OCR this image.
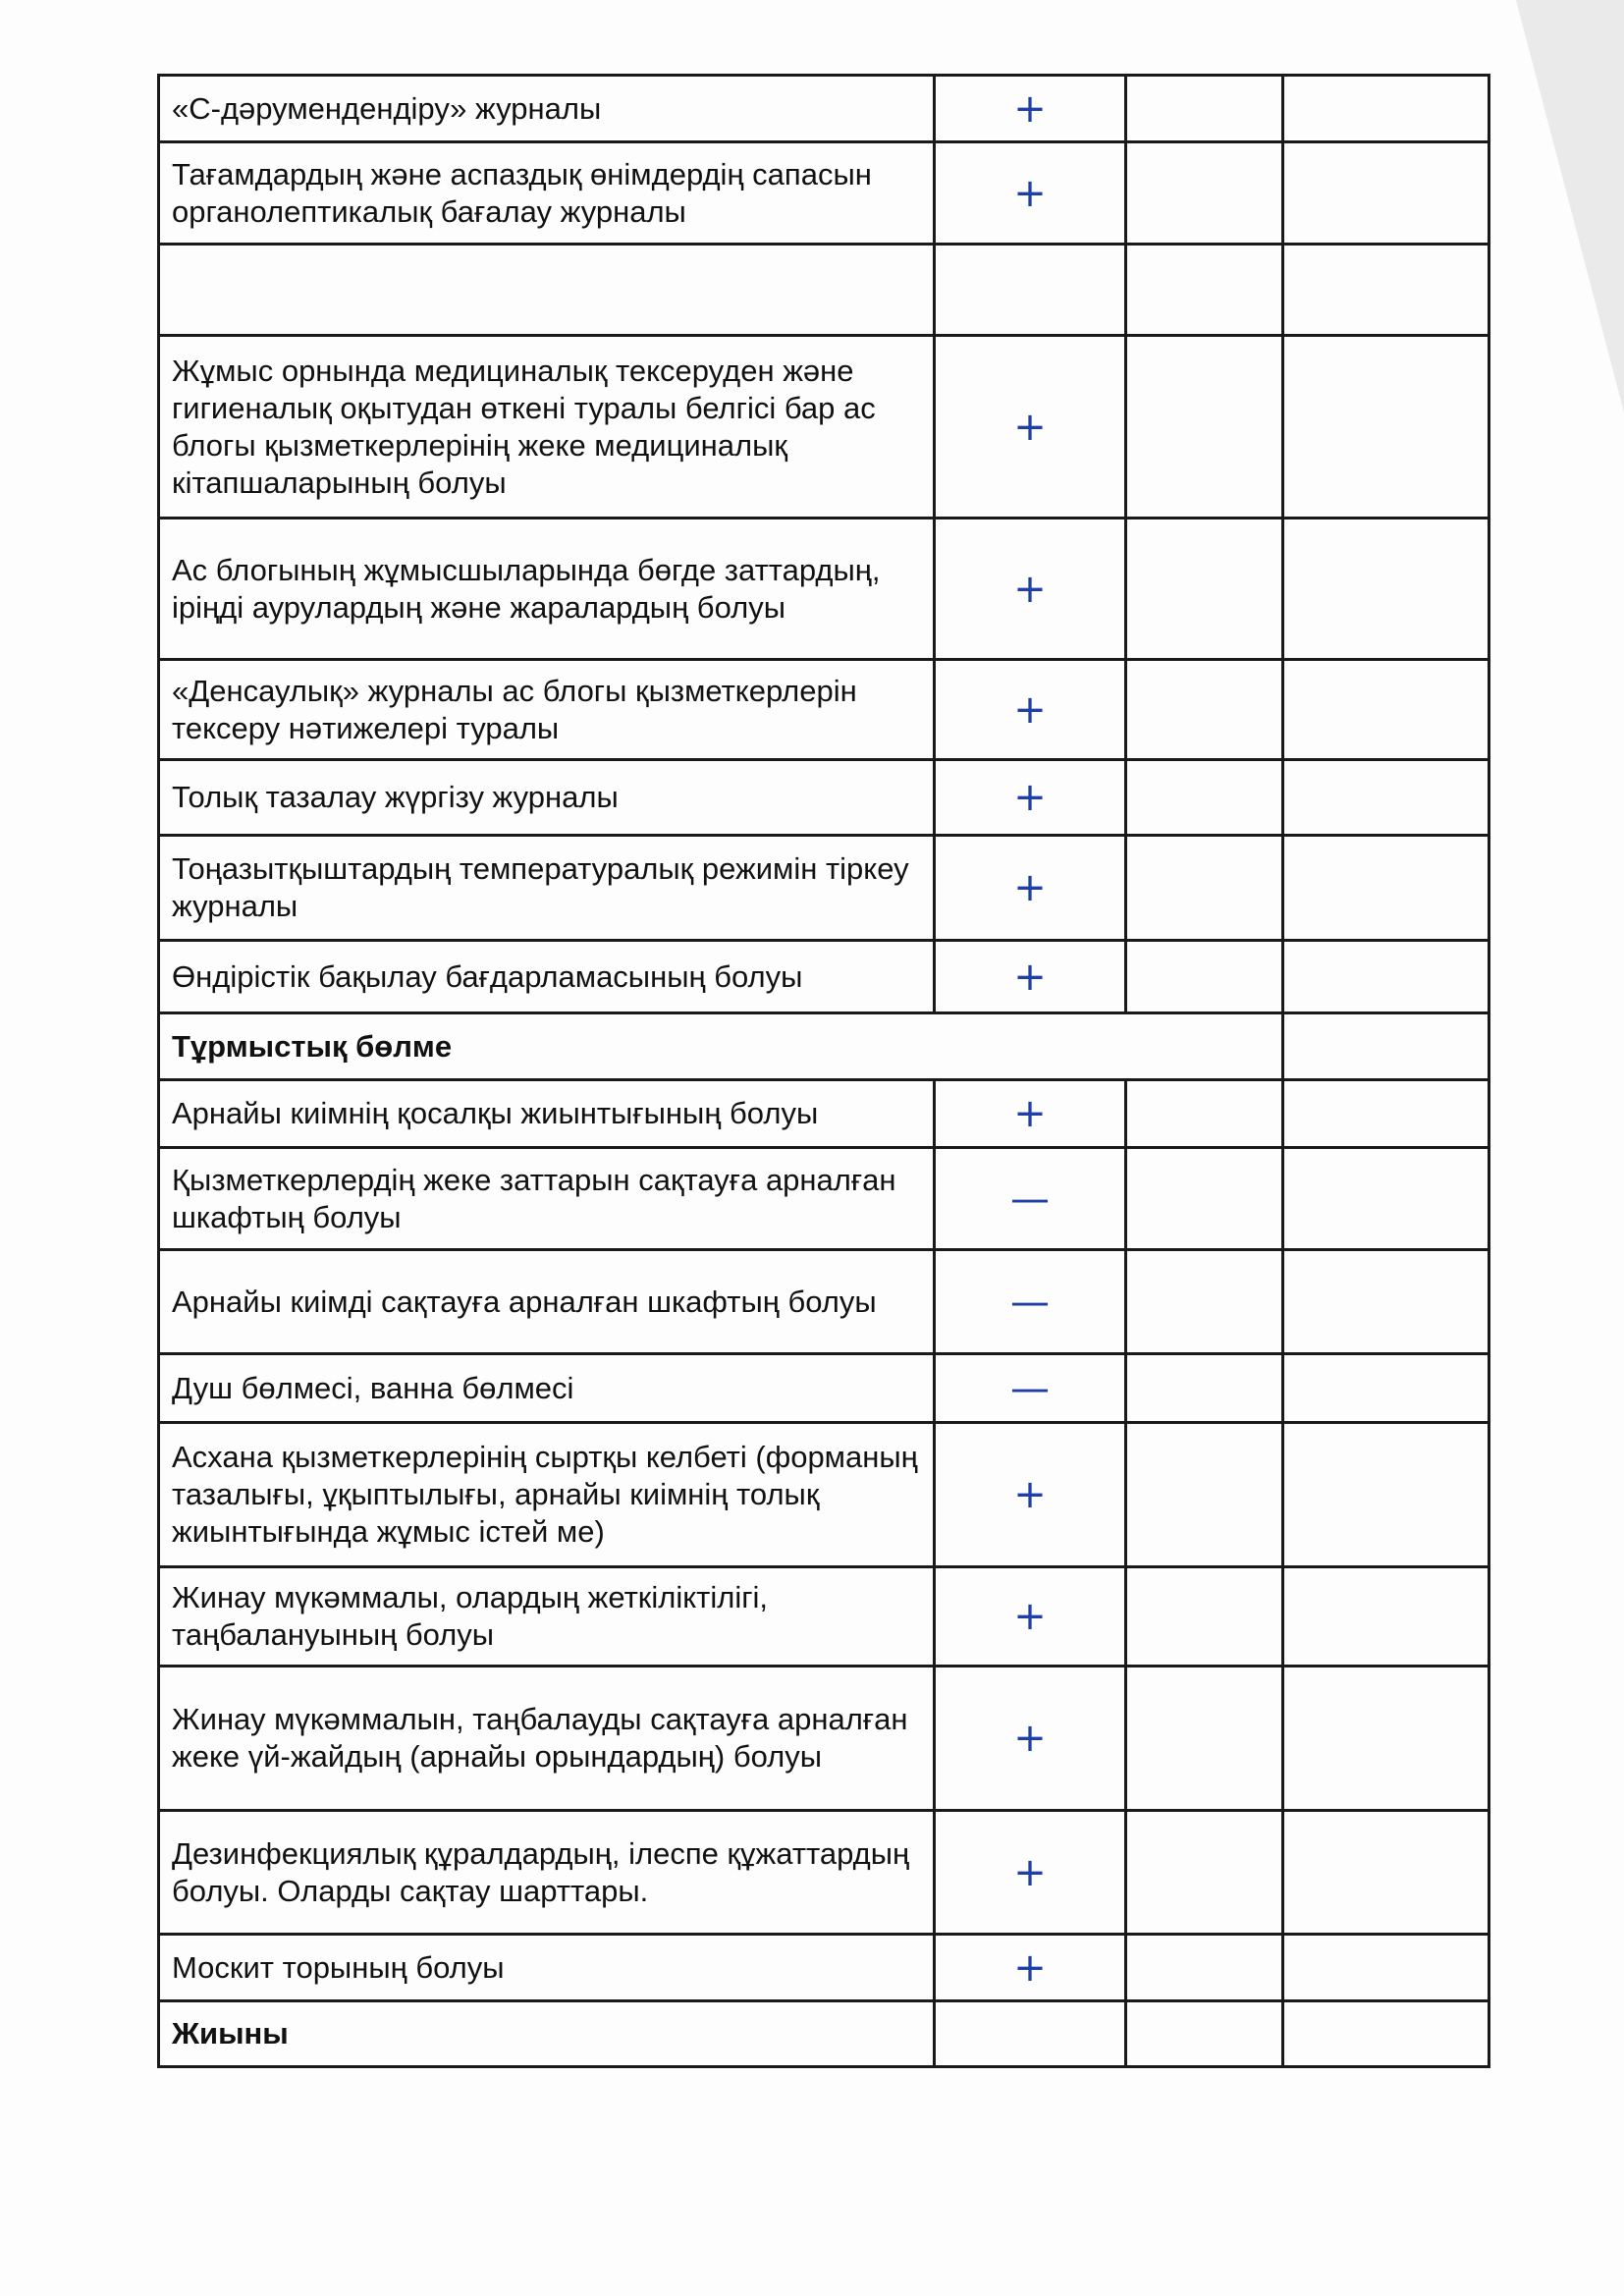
«С-дәрумендендіру» журналы	+		
Тағамдардың және аспаздық өнімдердің сапасын органолептикалық бағалау журналы	+		

Жұмыс орнында медициналық тексеруден және гигиеналық оқытудан өткені туралы белгісі бар ас блогы қызметкерлерінің жеке медициналық кітапшаларының болуы	+		
Ас блогының жұмысшыларында бөгде заттардың, іріңді аурулардың және жаралардың болуы	+		
«Денсаулық» журналы ас блогы қызметкерлерін тексеру нәтижелері туралы	+		
Толық тазалау жүргізу журналы	+		
Тоңазытқыштардың температуралық режимін тіркеу журналы	+		
Өндірістік бақылау бағдарламасының болуы	+		
Тұрмыстық бөлме			
Арнайы киімнің қосалқы жиынтығының болуы	+		
Қызметкерлердің жеке заттарын сақтауға арналған шкафтың болуы	—		
Арнайы киімді сақтауға арналған шкафтың болуы	—		
Душ бөлмесі, ванна бөлмесі	—		
Асхана қызметкерлерінің сыртқы келбеті (форманың тазалығы, ұқыптылығы, арнайы киімнің толық жиынтығында жұмыс істей ме)	+		
Жинау мүкәммалы, олардың жеткіліктілігі, таңбалануының болуы	+		
Жинау мүкәммалын, таңбалауды сақтауға арналған жеке үй-жайдың (арнайы орындардың) болуы	+		
Дезинфекциялық құралдардың, ілеспе құжаттардың болуы. Оларды сақтау шарттары.	+		
Москит торының болуы	+		
Жиыны			
